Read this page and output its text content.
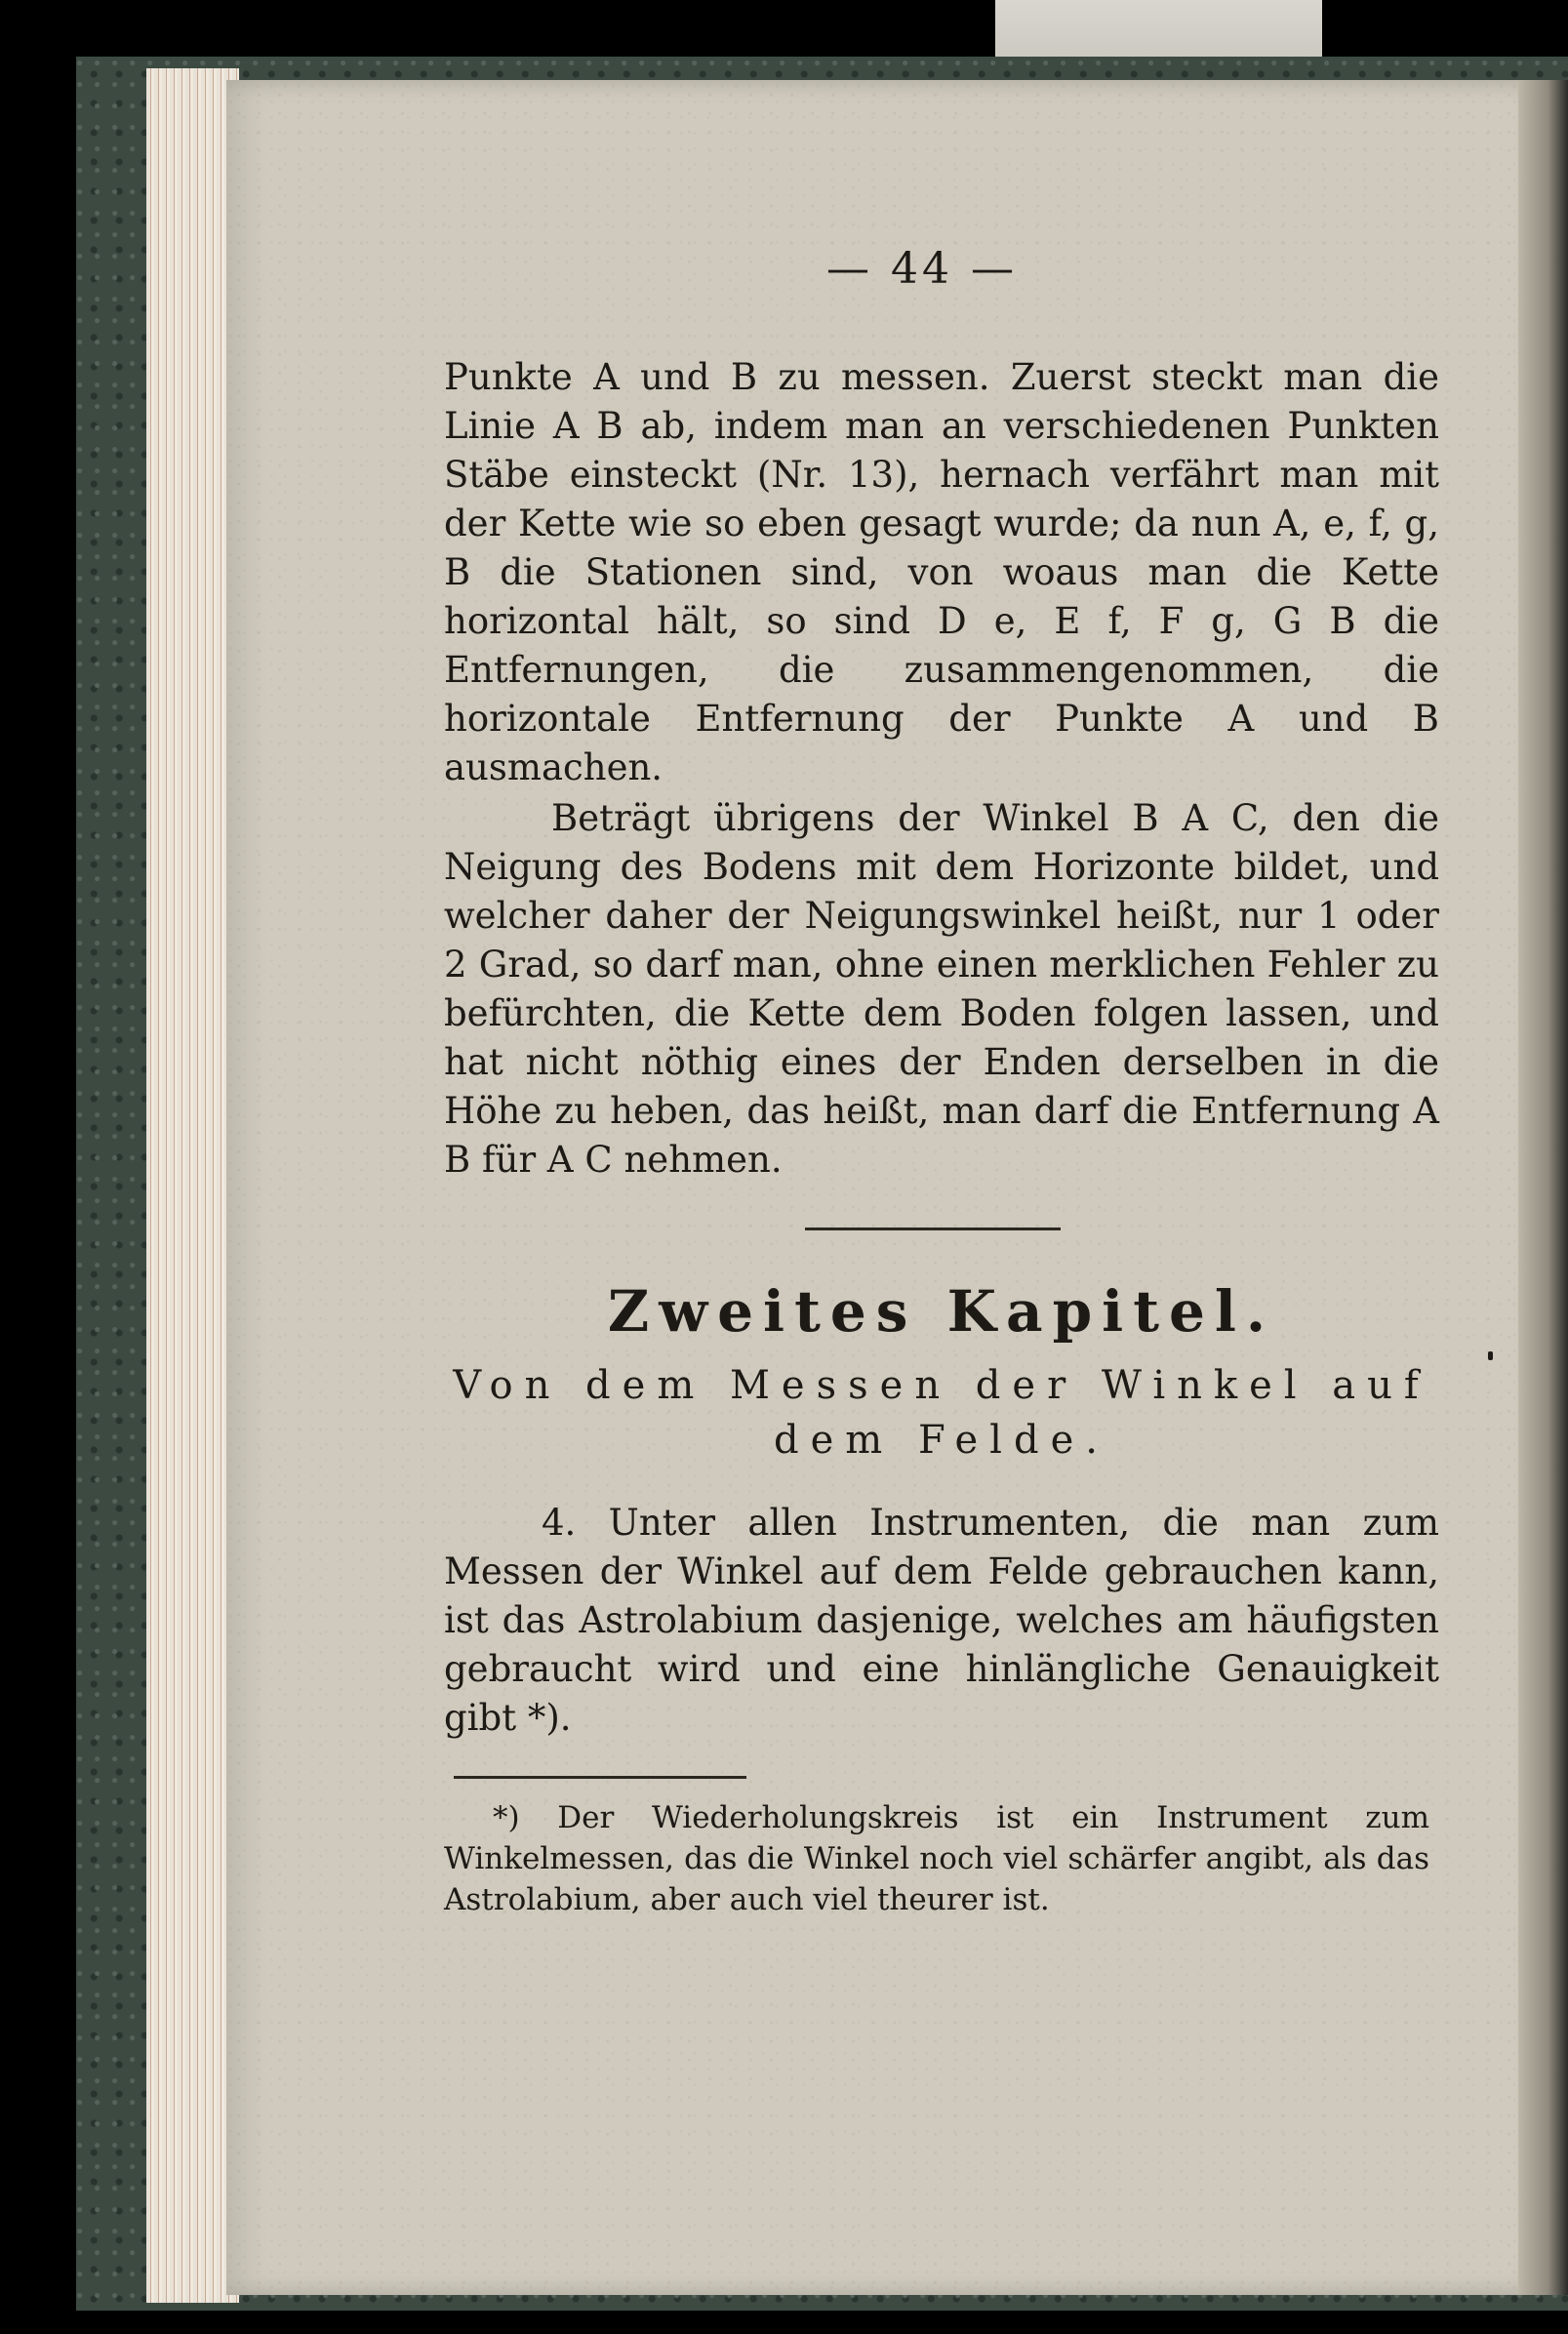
— 44 —
Punkte A und B zu messen. Zuerst steckt man die Linie A B ab, indem man an verschiedenen Punkten Stäbe einsteckt (Nr. 13), hernach verfährt man mit der Kette wie so eben gesagt wurde; da nun A, e, f, g, B die Stationen sind, von woaus man die Kette horizontal hält, so sind D e, E f, F g, G B die Entfernungen, die zusammengenommen, die horizontale Entfernung der Punkte A und B ausmachen.
Beträgt übrigens der Winkel B A C, den die Neigung des Bodens mit dem Horizonte bildet, und welcher daher der Neigungswinkel heißt, nur 1 oder 2 Grad, so darf man, ohne einen merklichen Fehler zu befürchten, die Kette dem Boden folgen lassen, und hat nicht nöthig eines der Enden derselben in die Höhe zu heben, das heißt, man darf die Entfernung A B für A C nehmen.
Zweites Kapitel.
Von dem Messen der Winkel auf dem Felde.
4. Unter allen Instrumenten, die man zum Messen der Winkel auf dem Felde gebrauchen kann, ist das Astrolabium dasjenige, welches am häufigsten gebraucht wird und eine hinlängliche Genauigkeit gibt *).
*) Der Wiederholungskreis ist ein Instrument zum Winkelmessen, das die Winkel noch viel schärfer angibt, als das Astrolabium, aber auch viel theurer ist.
